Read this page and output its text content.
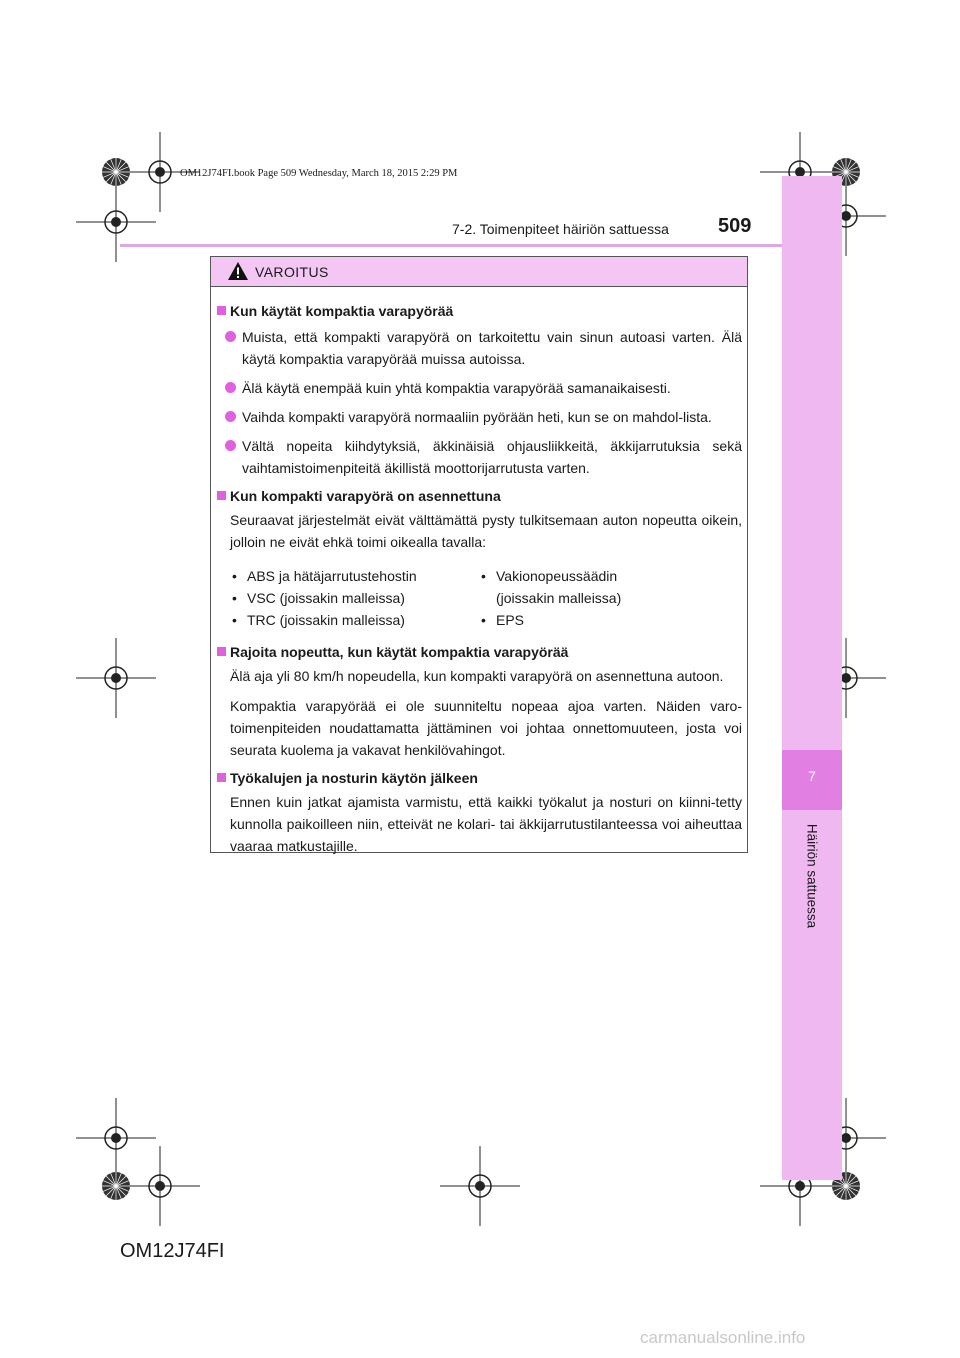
7
Häiriön sattuessa
OM12J74FI.book Page 509 Wednesday, March 18, 2015 2:29 PM
7-2. Toimenpiteet häiriön sattuessa 509
VAROITUS
Kun käytät kompaktia varapyörää
Muista, että kompakti varapyörä on tarkoitettu vain sinun autoasi varten. Älä käytä kompaktia varapyörää muissa autoissa.
Älä käytä enempää kuin yhtä kompaktia varapyörää samanaikaisesti.
Vaihda kompakti varapyörä normaaliin pyörään heti, kun se on mahdol-lista.
Vältä nopeita kiihdytyksiä, äkkinäisiä ohjausliikkeitä, äkkijarrutuksia sekä vaihtamistoimenpiteitä äkillistä moottorijarrutusta varten.
Kun kompakti varapyörä on asennettuna
Seuraavat järjestelmät eivät välttämättä pysty tulkitsemaan auton nopeutta oikein, jolloin ne eivät ehkä toimi oikealla tavalla:
• ABS ja hätäjarrutustehostin
• VSC (joissakin malleissa)
• TRC (joissakin malleissa)
• Vakionopeussäädin
(joissakin malleissa)
• EPS
Rajoita nopeutta, kun käytät kompaktia varapyörää
Älä aja yli 80 km/h nopeudella, kun kompakti varapyörä on asennettuna autoon.
Kompaktia varapyörää ei ole suunniteltu nopeaa ajoa varten. Näiden varo-toimenpiteiden noudattamatta jättäminen voi johtaa onnettomuuteen, josta voi seurata kuolema ja vakavat henkilövahingot.
Työkalujen ja nosturin käytön jälkeen
Ennen kuin jatkat ajamista varmistu, että kaikki työkalut ja nosturi on kiinni-tetty kunnolla paikoilleen niin, etteivät ne kolari- tai äkkijarrutustilanteessa voi aiheuttaa vaaraa matkustajille.
OM12J74FI
carmanualsonline.info
